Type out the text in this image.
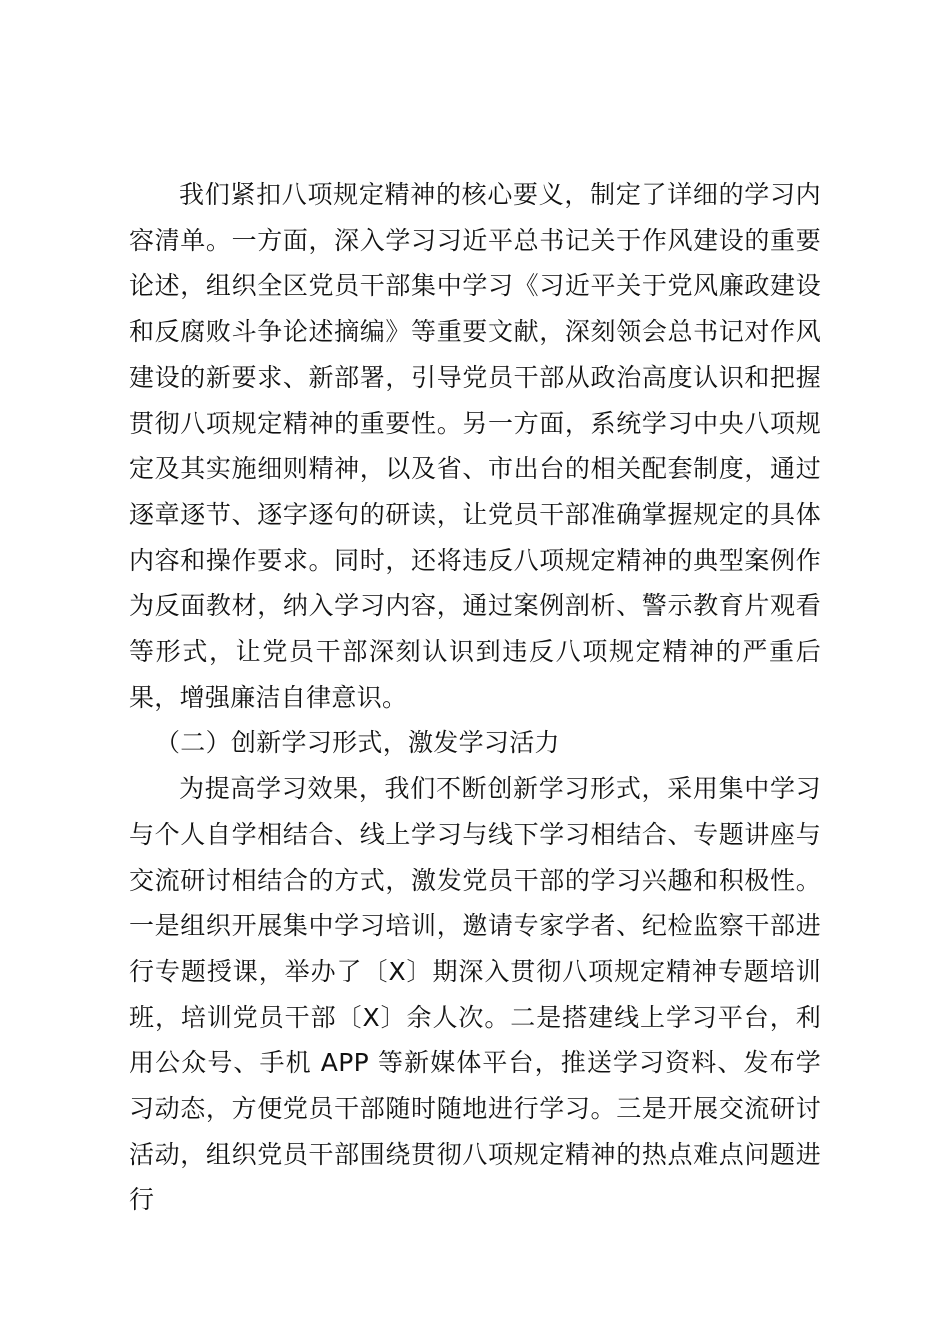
我们紧扣八项规定精神的核心要义，制定了详细的学习内容清单。一方面，深入学习习近平总书记关于作风建设的重要论述，组织全区党员干部集中学习《习近平关于党风廉政建设和反腐败斗争论述摘编》等重要文献，深刻领会总书记对作风建设的新要求、新部署，引导党员干部从政治高度认识和把握贯彻八项规定精神的重要性。另一方面，系统学习中央八项规定及其实施细则精神，以及省、市出台的相关配套制度，通过逐章逐节、逐字逐句的研读，让党员干部准确掌握规定的具体内容和操作要求。同时，还将违反八项规定精神的典型案例作为反面教材，纳入学习内容，通过案例剖析、警示教育片观看等形式，让党员干部深刻认识到违反八项规定精神的严重后果，增强廉洁自律意识。

（二）创新学习形式，激发学习活力

为提高学习效果，我们不断创新学习形式，采用集中学习与个人自学相结合、线上学习与线下学习相结合、专题讲座与交流研讨相结合的方式，激发党员干部的学习兴趣和积极性。一是组织开展集中学习培训，邀请专家学者、纪检监察干部进行专题授课，举办了〔X〕期深入贯彻八项规定精神专题培训班，培训党员干部〔X〕余人次。二是搭建线上学习平台，利用公众号、手机 APP 等新媒体平台，推送学习资料、发布学习动态，方便党员干部随时随地进行学习。三是开展交流研讨活动，组织党员干部围绕贯彻八项规定精神的热点难点问题进行
